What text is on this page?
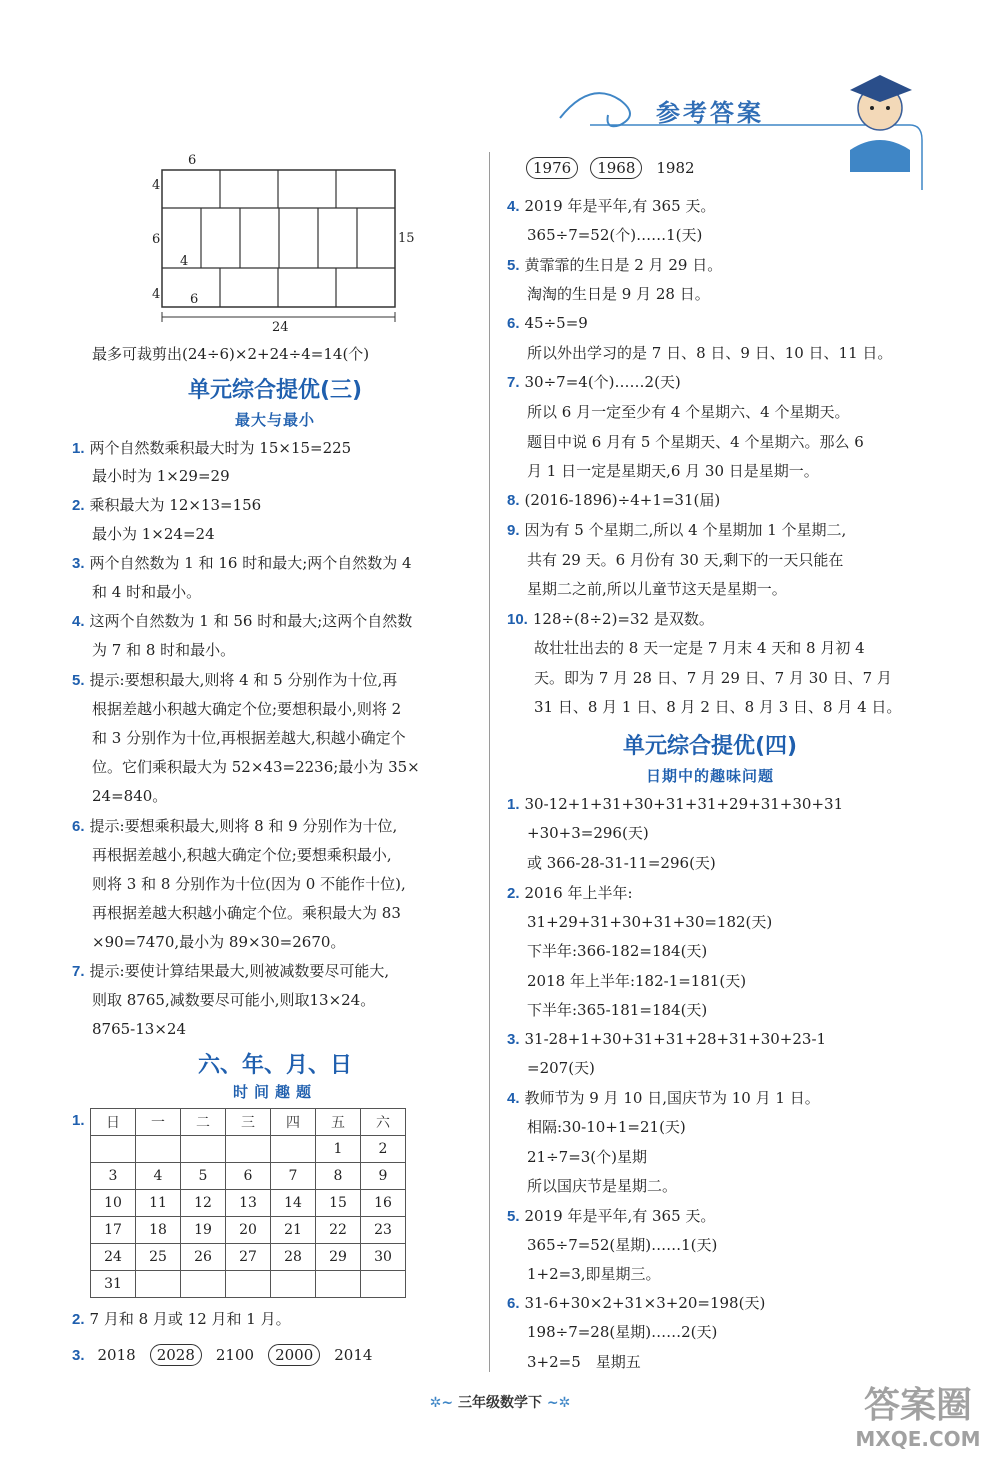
参考答案
6
4
6
4
4 6
15
24
最多可裁剪出(24÷6)×2+24÷4=14(个)
单元综合提优(三)
最大与最小
1. 两个自然数乘积最大时为 15×15=225
最小时为 1×29=29
2. 乘积最大为 12×13=156
最小为 1×24=24
3. 两个自然数为 1 和 16 时和最大;两个自然数为 4
和 4 时和最小。
4. 这两个自然数为 1 和 56 时和最大;这两个自然数
为 7 和 8 时和最小。
5. 提示:要想积最大,则将 4 和 5 分别作为十位,再
根据差越小积越大确定个位;要想积最小,则将 2
和 3 分别作为十位,再根据差越大,积越小确定个
位。它们乘积最大为 52×43=2236;最小为 35×
24=840。
6. 提示:要想乘积最大,则将 8 和 9 分别作为十位,
再根据差越小,积越大确定个位;要想乘积最小,
则将 3 和 8 分别作为十位(因为 0 不能作十位),
再根据差越大积越小确定个位。乘积最大为 83
×90=7470,最小为 89×30=2670。
7. 提示:要使计算结果最大,则被减数要尽可能大,
则取 8765,减数要尽可能小,则取13×24。
8765-13×24
六、年、月、日
时间趣题
1.	日	一	二	三	四	五	六
					1	2
3	4	5	6	7	8	9
10	11	12	13	14	15	16
17	18	19	20	21	22	23
24	25	26	27	28	29	30
31						
2. 7 月和 8 月或 12 月和 1 月。
3. 2018 2028 2100 2000 2014
1976 1968 1982
4. 2019 年是平年,有 365 天。
365÷7=52(个)……1(天)
5. 黄霏霏的生日是 2 月 29 日。
淘淘的生日是 9 月 28 日。
6. 45÷5=9
所以外出学习的是 7 日、8 日、9 日、10 日、11 日。
7. 30÷7=4(个)……2(天)
所以 6 月一定至少有 4 个星期六、4 个星期天。
题目中说 6 月有 5 个星期天、4 个星期六。那么 6
月 1 日一定是星期天,6 月 30 日是星期一。
8. (2016-1896)÷4+1=31(届)
9. 因为有 5 个星期二,所以 4 个星期加 1 个星期二,
共有 29 天。6 月份有 30 天,剩下的一天只能在
星期二之前,所以儿童节这天是星期一。
10. 128÷(8÷2)=32 是双数。
故壮壮出去的 8 天一定是 7 月末 4 天和 8 月初 4
天。即为 7 月 28 日、7 月 29 日、7 月 30 日、7 月
31 日、8 月 1 日、8 月 2 日、8 月 3 日、8 月 4 日。
单元综合提优(四)
日期中的趣味问题
1. 30-12+1+31+30+31+31+29+31+30+31
+30+3=296(天)
或 366-28-31-11=296(天)
2. 2016 年上半年:
31+29+31+30+31+30=182(天)
下半年:366-182=184(天)
2018 年上半年:182-1=181(天)
下半年:365-181=184(天)
3. 31-28+1+30+31+31+28+31+30+23-1
=207(天)
4. 教师节为 9 月 10 日,国庆节为 10 月 1 日。
相隔:30-10+1=21(天)
21÷7=3(个)星期
所以国庆节是星期二。
5. 2019 年是平年,有 365 天。
365÷7=52(星期)……1(天)
1+2=3,即星期三。
6. 31-6+30×2+31×3+20=198(天)
198÷7=28(星期)……2(天)
3+2=5　星期五
✲~ 三年级数学下 ~✲	答案圈
MXQE.COM
